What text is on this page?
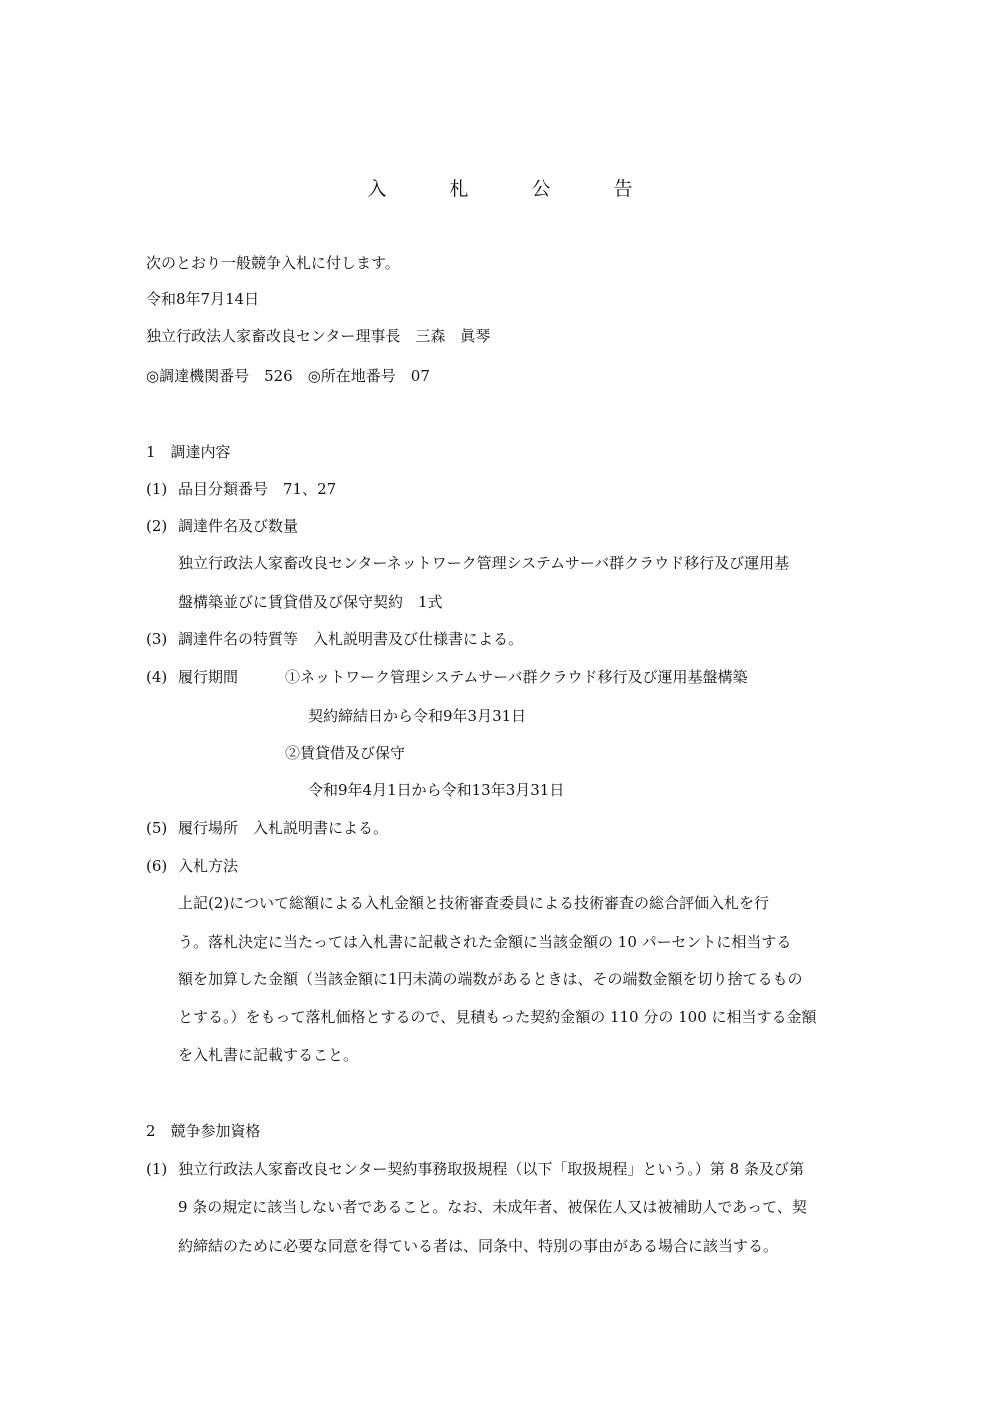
入　札　公　告
次のとおり一般競争入札に付します。
令和8年7月14日
独立行政法人家畜改良センター理事長　三森　眞琴
◎調達機関番号　526　◎所在地番号　07
1　調達内容
(1) 品目分類番号　71、27
(2) 調達件名及び数量
独立行政法人家畜改良センターネットワーク管理システムサーバ群クラウド移行及び運用基
盤構築並びに賃貸借及び保守契約　1式
(3) 調達件名の特質等　入札説明書及び仕様書による。
(4) 履行期間	①ネットワーク管理システムサーバ群クラウド移行及び運用基盤構築
契約締結日から令和9年3月31日
②賃貸借及び保守
令和9年4月1日から令和13年3月31日
(5) 履行場所　入札説明書による。
(6) 入札方法
上記(2)について総額による入札金額と技術審査委員による技術審査の総合評価入札を行
う。落札決定に当たっては入札書に記載された金額に当該金額の 10 パーセントに相当する
額を加算した金額（当該金額に1円未満の端数があるときは、その端数金額を切り捨てるもの
とする。）をもって落札価格とするので、見積もった契約金額の 110 分の 100 に相当する金額
を入札書に記載すること。
2　競争参加資格
(1) 独立行政法人家畜改良センター契約事務取扱規程（以下「取扱規程」という。）第 8 条及び第
9 条の規定に該当しない者であること。なお、未成年者、被保佐人又は被補助人であって、契
約締結のために必要な同意を得ている者は、同条中、特別の事由がある場合に該当する。
